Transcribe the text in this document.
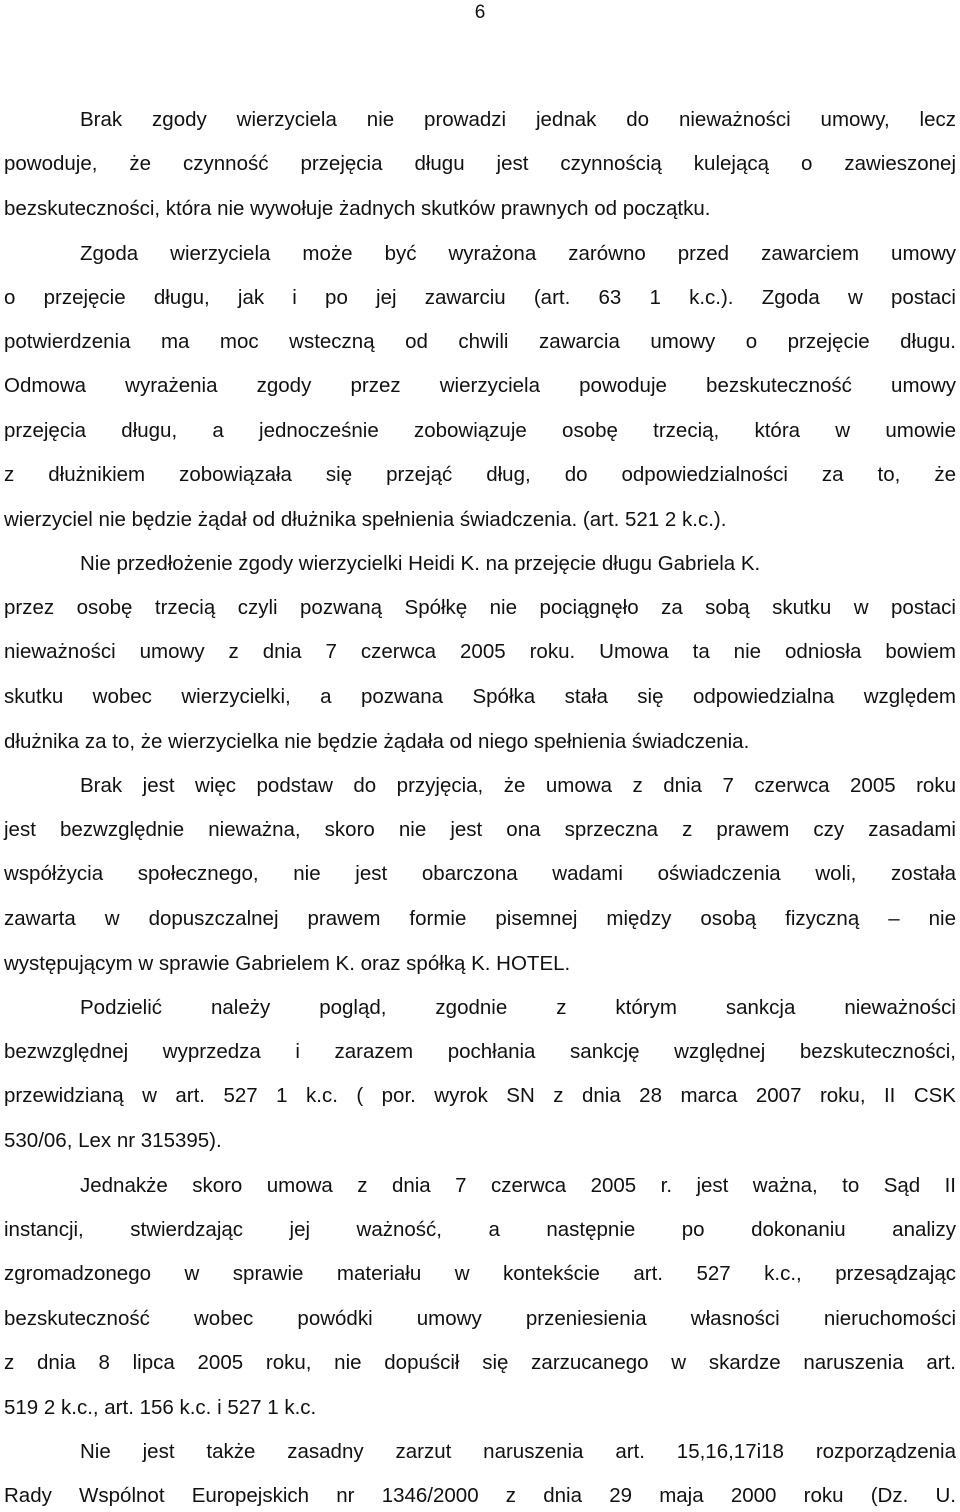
6
Brak zgody wierzyciela nie prowadzi jednak do nieważności umowy, lecz
powoduje, że czynność przejęcia długu jest czynnością kulejącą o zawieszonej
bezskuteczności, która nie wywołuje żadnych skutków prawnych od początku.
Zgoda wierzyciela może być wyrażona zarówno przed zawarciem umowy
o przejęcie długu, jak i po jej zawarciu (art. 63 1 k.c.). Zgoda w postaci
potwierdzenia ma moc wsteczną od chwili zawarcia umowy o przejęcie długu.
Odmowa wyrażenia zgody przez wierzyciela powoduje bezskuteczność umowy
przejęcia długu, a jednocześnie zobowiązuje osobę trzecią, która w umowie
z dłużnikiem zobowiązała się przejąć dług, do odpowiedzialności za to, że
wierzyciel nie będzie żądał od dłużnika spełnienia świadczenia. (art. 521 2 k.c.).
Nie przedłożenie zgody wierzycielki Heidi K. na przejęcie długu Gabriela K.
przez osobę trzecią czyli pozwaną Spółkę nie pociągnęło za sobą skutku w postaci
nieważności umowy z dnia 7 czerwca 2005 roku. Umowa ta nie odniosła bowiem
skutku wobec wierzycielki, a pozwana Spółka stała się odpowiedzialna względem
dłużnika za to, że wierzycielka nie będzie żądała od niego spełnienia świadczenia.
Brak jest więc podstaw do przyjęcia, że umowa z dnia 7 czerwca 2005 roku
jest bezwzględnie nieważna, skoro nie jest ona sprzeczna z prawem czy zasadami
współżycia społecznego, nie jest obarczona wadami oświadczenia woli, została
zawarta w dopuszczalnej prawem formie pisemnej między osobą fizyczną – nie
występującym w sprawie Gabrielem K. oraz spółką K. HOTEL.
Podzielić należy pogląd, zgodnie z którym sankcja nieważności
bezwzględnej wyprzedza i zarazem pochłania sankcję względnej bezskuteczności,
przewidzianą w art. 527 1 k.c. ( por. wyrok SN z dnia 28 marca 2007 roku, II CSK
530/06, Lex nr 315395).
Jednakże skoro umowa z dnia 7 czerwca 2005 r. jest ważna, to Sąd II
instancji, stwierdzając jej ważność, a następnie po dokonaniu analizy
zgromadzonego w sprawie materiału w kontekście art. 527 k.c., przesądzając
bezskuteczność wobec powódki umowy przeniesienia własności nieruchomości
z dnia 8 lipca 2005 roku, nie dopuścił się zarzucanego w skardze naruszenia art.
519 2 k.c., art. 156 k.c. i 527 1 k.c.
Nie jest także zasadny zarzut naruszenia art. 15,16,17i18 rozporządzenia
Rady Wspólnot Europejskich nr 1346/2000 z dnia 29 maja 2000 roku (Dz. U.
